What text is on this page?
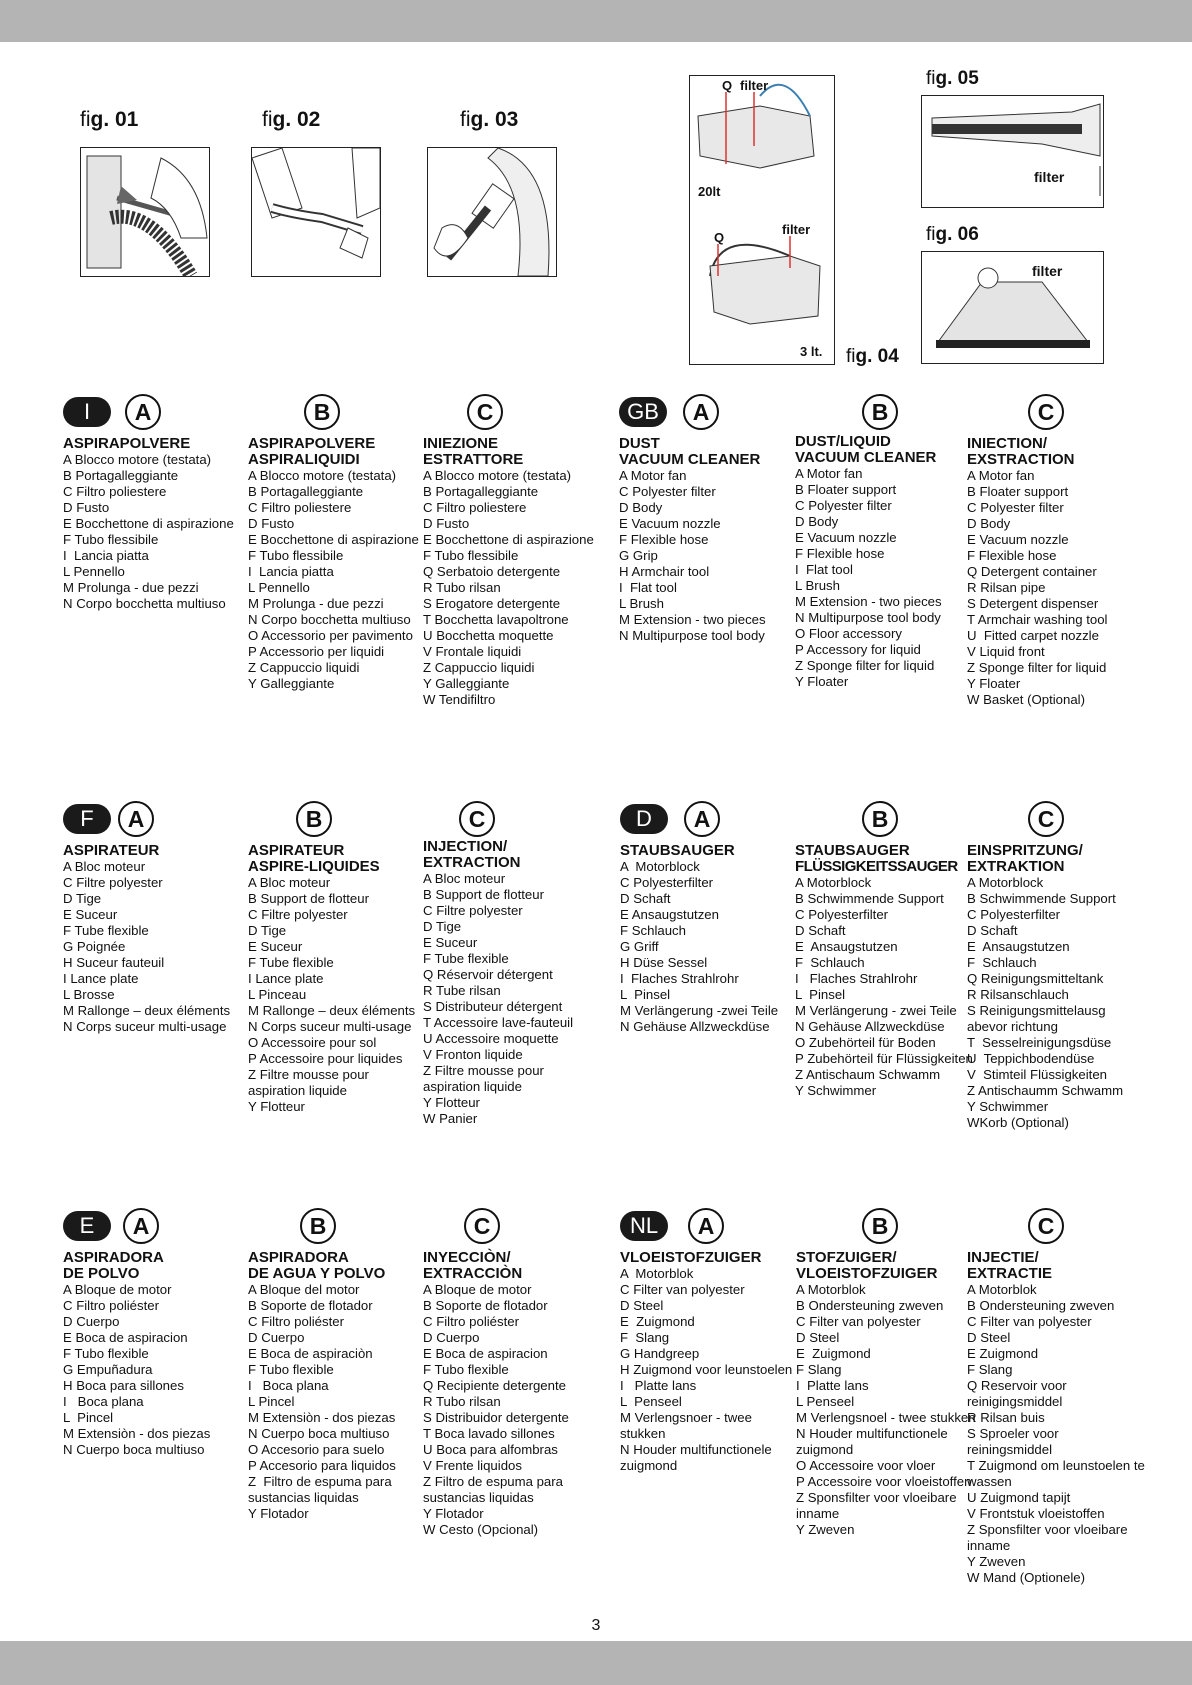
fig. 01	fig. 02	fig. 03
fig. 04
fig. 05
fig. 06
Q filter
20lt
Q
filter
3 lt.
filter
filter
I	A
ASPIRAPOLVERE
A Blocco motore (testata)
B Portagalleggiante
C Filtro poliestere
D Fusto
E Bocchettone di aspirazione
F Tubo flessibile
I  Lancia piatta
L Pennello
M Prolunga - due pezzi
N Corpo bocchetta multiuso
B
ASPIRAPOLVERE
ASPIRALIQUIDI
A Blocco motore (testata)
B Portagalleggiante
C Filtro poliestere
D Fusto
E Bocchettone di aspirazione
F Tubo flessibile
I  Lancia piatta
L Pennello
M Prolunga - due pezzi
N Corpo bocchetta multiuso
O Accessorio per pavimento
P Accessorio per liquidi
Z Cappuccio liquidi
Y Galleggiante
C
INIEZIONE
ESTRATTORE
A Blocco motore (testata)
B Portagalleggiante
C Filtro poliestere
D Fusto
E Bocchettone di aspirazione
F Tubo flessibile
Q Serbatoio detergente
R Tubo rilsan
S Erogatore detergente
T Bocchetta lavapoltrone
U Bocchetta moquette
V Frontale liquidi
Z Cappuccio liquidi
Y Galleggiante
W Tendifiltro
GB	A
DUST
VACUUM CLEANER
A Motor fan
C Polyester filter
D Body
E Vacuum nozzle
F Flexible hose
G Grip
H Armchair tool
I  Flat tool
L Brush
M Extension - two pieces
N Multipurpose tool body
B
DUST/LIQUID
VACUUM CLEANER
A Motor fan
B Floater support
C Polyester filter
D Body
E Vacuum nozzle
F Flexible hose
I  Flat tool
L Brush
M Extension - two pieces
N Multipurpose tool body
O Floor accessory
P Accessory for liquid
Z Sponge filter for liquid
Y Floater
C
INIECTION/
EXSTRACTION
A Motor fan
B Floater support
C Polyester filter
D Body
E Vacuum nozzle
F Flexible hose
Q Detergent container
R Rilsan pipe
S Detergent dispenser
T Armchair washing tool
U  Fitted carpet nozzle
V Liquid front
Z Sponge filter for liquid
Y Floater
W Basket (Optional)
F	A
ASPIRATEUR
A Bloc moteur
C Filtre polyester
D Tige
E Suceur
F Tube flexible
G Poignée
H Suceur fauteuil
I Lance plate
L Brosse
M Rallonge – deux éléments
N Corps suceur multi-usage
B
ASPIRATEUR
ASPIRE-LIQUIDES
A Bloc moteur
B Support de flotteur
C Filtre polyester
D Tige
E Suceur
F Tube flexible
I Lance plate
L Pinceau
M Rallonge – deux éléments
N Corps suceur multi-usage
O Accessoire pour sol
P Accessoire pour liquides
Z Filtre mousse pour aspiration liquide
Y Flotteur
C
INJECTION/
EXTRACTION
A Bloc moteur
B Support de flotteur
C Filtre polyester
D Tige
E Suceur
F Tube flexible
Q Réservoir détergent
R Tube rilsan
S Distributeur détergent
T Accessoire lave-fauteuil
U Accessoire moquette
V Fronton liquide
Z Filtre mousse pour aspiration liquide
Y Flotteur
W Panier
D	A
STAUBSAUGER
A  Motorblock
C Polyesterfilter
D Schaft
E Ansaugstutzen
F Schlauch
G Griff
H Düse Sessel
I  Flaches Strahlrohr
L  Pinsel
M Verlängerung -zwei Teile
N Gehäuse Allzweckdüse
B
STAUBSAUGER
FLÜSSIGKEITSSAUGER
A Motorblock
B Schwimmende Support
C Polyesterfilter
D Schaft
E  Ansaugstutzen
F  Schlauch
I   Flaches Strahlrohr
L  Pinsel
M Verlängerung - zwei Teile
N Gehäuse Allzweckdüse
O Zubehörteil für Boden
P Zubehörteil für Flüssigkeiten
Z Antischaum Schwamm
Y Schwimmer
C
EINSPRITZUNG/
EXTRAKTION
A Motorblock
B Schwimmende Support
C Polyesterfilter
D Schaft
E  Ansaugstutzen
F  Schlauch
Q Reinigungsmitteltank
R Rilsanschlauch
S Reinigungsmittelausg abevor richtung
T  Sesselreinigungsdüse
U  Teppichbodendüse
V  Stimteil Flüssigkeiten
Z Antischaumm Schwamm
Y Schwimmer
WKorb (Optional)
E	A
ASPIRADORA
DE POLVO
A Bloque de motor
C Filtro poliéster
D Cuerpo
E Boca de aspiracion
F Tubo flexible
G Empuñadura
H Boca para sillones
I   Boca plana
L  Pincel
M Extensiòn - dos piezas
N Cuerpo boca multiuso
B
ASPIRADORA
DE AGUA Y POLVO
A Bloque del motor
B Soporte de flotador
C Filtro poliéster
D Cuerpo
E Boca de aspiraciòn
F Tubo flexible
I   Boca plana
L Pincel
M Extensiòn - dos piezas
N Cuerpo boca multiuso
O Accesorio para suelo
P Accesorio para liquidos
Z  Filtro de espuma para sustancias liquidas
Y Flotador
C
INYECCIÒN/
EXTRACCIÒN
A Bloque de motor
B Soporte de flotador
C Filtro poliéster
D Cuerpo
E Boca de aspiracion
F Tubo flexible
Q Recipiente detergente
R Tubo rilsan
S Distribuidor detergente
T Boca lavado sillones
U Boca para alfombras
V Frente liquidos
Z Filtro de espuma para sustancias liquidas
Y Flotador
W Cesto (Opcional)
NL	A
VLOEISTOFZUIGER
A  Motorblok
C Filter van polyester
D Steel
E  Zuigmond
F  Slang
G Handgreep
H Zuigmond voor leunstoelen
I   Platte lans
L  Penseel
M Verlengsnoer - twee stukken
N Houder multifunctionele zuigmond
B
STOFZUIGER/
VLOEISTOFZUIGER
A Motorblok
B Ondersteuning zweven
C Filter van polyester
D Steel
E  Zuigmond
F Slang
I  Platte lans
L Penseel
M Verlengsnoel - twee stukken
N Houder multifunctionele zuigmond
O Accessoire voor vloer
P Accessoire voor vloeistoffen
Z Sponsfilter voor vloeibare inname
Y Zweven
C
INJECTIE/
EXTRACTIE
A Motorblok
B Ondersteuning zweven
C Filter van polyester
D Steel
E Zuigmond
F Slang
Q Reservoir voor reinigingsmiddel
R Rilsan buis
S Sproeler voor reiningsmiddel
T Zuigmond om leunstoelen te wassen
U Zuigmond tapijt
V Frontstuk vloeistoffen
Z Sponsfilter voor vloeibare inname
Y Zweven
W Mand (Optionele)
3
